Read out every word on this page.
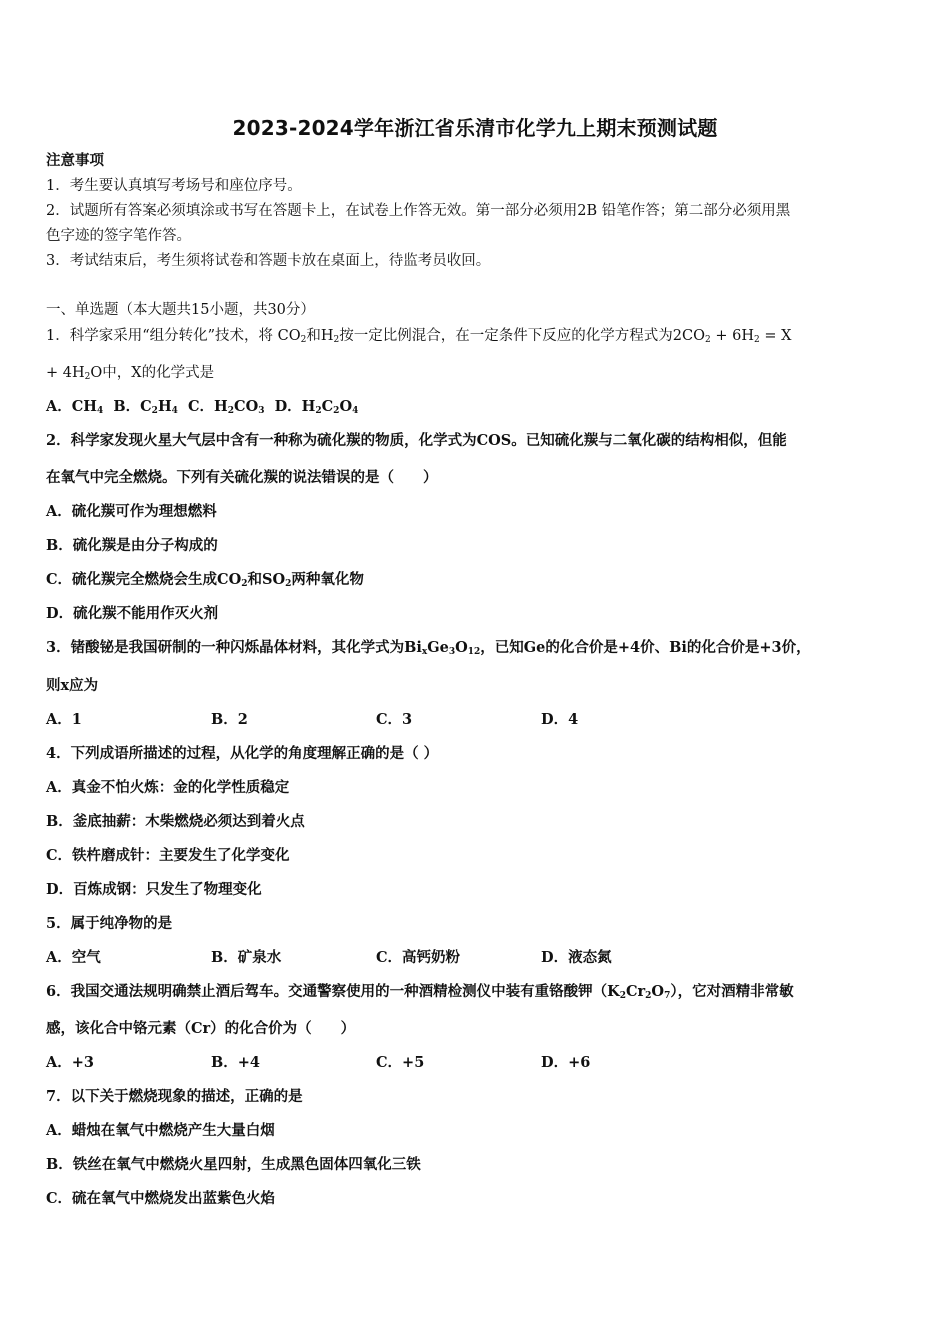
2023-2024学年浙江省乐清市化学九上期末预测试题
注意事项
1．考生要认真填写考场号和座位序号。
2．试题所有答案必须填涂或书写在答题卡上，在试卷上作答无效。第一部分必须用2B 铅笔作答；第二部分必须用黑
色字迹的签字笔作答。
3．考试结束后，考生须将试卷和答题卡放在桌面上，待监考员收回。
一、单选题（本大题共15小题，共30分）
1．科学家采用“组分转化”技术，将 $CO_2$和$H_2$按一定比例混合，在一定条件下反应的化学方程式为$2CO_2 + 6H_2 = X$
+ $4H_2O$中，X的化学式是
A．$CH_4$ B．$C_2H_4$ C．$H_2CO_3$ D．$H_2C_2O_4$
2．科学家发现火星大气层中含有一种称为硫化羰的物质，化学式为COS。已知硫化羰与二氧化碳的结构相似，但能
在氧气中完全燃烧。下列有关硫化羰的说法错误的是（　　）
A．硫化羰可作为理想燃料
B．硫化羰是由分子构成的
C．硫化羰完全燃烧会生成$CO_2$和$SO_2$两种氧化物
D．硫化羰不能用作灭火剂
3．锗酸铋是我国研制的一种闪烁晶体材料，其化学式为$Bi_xGe_3O_{12}$，已知Ge的化合价是+4价、Bi的化合价是+3价，
则x应为
A．1	B．2	C．3	D．4
4．下列成语所描述的过程，从化学的角度理解正确的是（ ）
A．真金不怕火炼：金的化学性质稳定
B．釜底抽薪：木柴燃烧必须达到着火点
C．铁杵磨成针：主要发生了化学变化
D．百炼成钢：只发生了物理变化
5．属于纯净物的是
A．空气	B．矿泉水	C．高钙奶粉	D．液态氮
6．我国交通法规明确禁止酒后驾车。交通警察使用的一种酒精检测仪中装有重铬酸钾$(K_2Cr_2O_7)$，它对酒精非常敏
感，该化合中铬元素（Cr）的化合价为（　　）
A．+3	B．+4	C．+5	D．+6
7．以下关于燃烧现象的描述，正确的是
A．蜡烛在氧气中燃烧产生大量白烟
B．铁丝在氧气中燃烧火星四射，生成黑色固体四氧化三铁
C．硫在氧气中燃烧发出蓝紫色火焰
